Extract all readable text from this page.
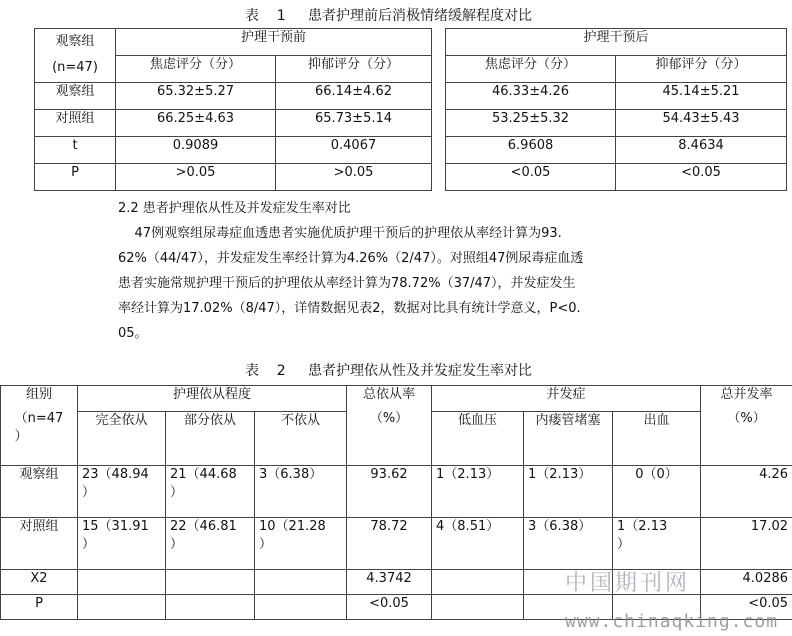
表    1     患者护理前后消极情绪缓解程度对比
观察组
(n=47)	护理干预前			护理干预后	
	焦虑评分（分）	抑郁评分（分）		焦虑评分（分）	抑郁评分（分）
观察组	65.32±5.27	66.14±4.62		46.33±4.26	45.14±5.21
对照组	66.25±4.63	65.73±5.14		53.25±5.32	54.43±5.43
t	0.9089	0.4067		6.9608	8.4634
P	>0.05	>0.05		<0.05	<0.05
2.2 患者护理依从性及并发症发生率对比
47例观察组尿毒症血透患者实施优质护理干预后的护理依从率经计算为93.
62%（44/47），并发症发生率经计算为4.26%（2/47）。对照组47例尿毒症血透
患者实施常规护理干预后的护理依从率经计算为78.72%（37/47），并发症发生
率经计算为17.02%（8/47），详情数据见表2，数据对比具有统计学意义，P<0.
05。
表    2     患者护理依从性及并发症发生率对比
组别
（n=47
）	护理依从程度			总依从率
（%）	并发症			总并发率
（%）
	完全依从	部分依从	不依从		低血压	内瘘管堵塞	出血	
观察组	23（48.94
）	21（44.68
）	3（6.38）	93.62	1（2.13）	1（2.13）	0（0）	4.26
对照组	15（31.91
）	22（46.81
）	10（21.28
）	78.72	4（8.51）	3（6.38）	1（2.13
）	17.02
X2				4.3742				4.0286
P				<0.05				<0.05
中国期刊网
www.chinaqking.com
